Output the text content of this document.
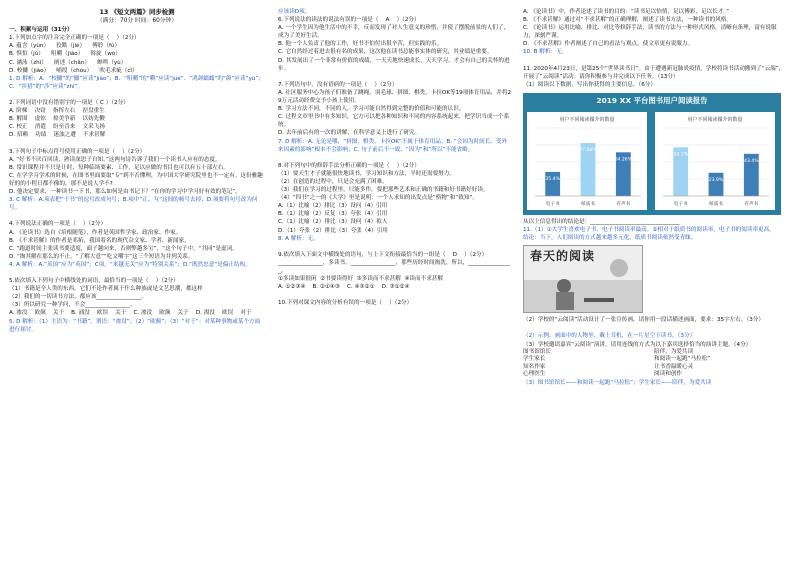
13 《短文两篇》同步检测
（满分：70分 时间：60分钟）
一、积累与运用（31分）
1.下列加点字的注音完全正确的一项是（    ）（2分）
A. 蕴含（yùn）    狡黠（jié）    傅聆（fù）
B. 惧怕（jù）    咀嚼（jiáo）    斡旋（wò）
C. 涵泳（zhī）    阐述（chǎn）    蝉鸣（yù）
D. 校雠（jiào）    哺绶（chóu）    吹毛求疵（cī）
1. D 解析：A．“校雠”的“雠”应读“jiào”；B．“咀嚼”的“嚼”应读“jué”．“鸿颌蠕蠕”的“颌”应读“yù”；C．“涉猎”的“涉”应读“zhì”。

2.下列词语中没有错别字的一项是（ C ）（2分）
A. 阶梯    决窃    指挥左右    涅盘重生
B. 解围    虚惊    掠美争新    以妨先鞭
C. 校正    消遣    纷至沓来    文采飞扬
D. 招赖    功绩    迷浊之遭    不求甚解

3.下列句子中标点符号使用正确的一项是（    ）（2分）
A. “好书不厌百回读，熟读深思子自知。”这两句诗告诉了我们一个读书人应有的态度。
B. 常识课程并不只是计时，每种临场要素、工作，足以应做的书目也可以有五十部左右。
C. 在学学习学术的时候，在图书里面要取“专”到不否懂理，为中国大学研究院里也不一定有。这份雅趣好的的小程日都不像的，那不是说人学不?
D. 他决定要求，一种读书一下书，那么如何是由书记下？“在你的学习中学习好有效的笔记”。
3. C 解析：A.项表把“于书”的逗号改成句号；B.项中“正、互”这间的顿号去掉；D.项要将句号改为问号。

4.下列说法正确的一项是（    ）（2分）
A. 《论读书》选自《培根随笔》，作者是英国哲学家、政治家、作家。
B. 《不求甚解》的作者是邓拓，我国着名的现代杂文家、学者、新闻家。
C. “跑道时间主张读书要适度，面子越向来，否则弊越多宝”，“这个句子中，“共同”是虚词。
D. “掏其解在那么的不止，“了解大意”“吃文嚼字”这三个短语为并列关系。
4. A 解析：A.“英国”应为“英国”；C项，“米越无关”应为“特别关系”；D.“既然忠意”是偏正结构。

5.依次填入下列句子中横线处的词语，最恰当的一项是（    ）（2分）
（1）书籍是全人类的东西，它们不论作者属于什么种族或是文艺思潮，都这样
（2）我们的一切读书方法，都应该________________。
（3）所以研究一种学问，不会________________。
A. 渗没    欧颠    关于    B. 涌没    欧误    关于    C. 渗没    欧颠    关于    D. 渴没    欧误    对于
5. D 解析：（1）主语为：“书籍”，谓语：“渗没”；（2）“欧颠”；（3）“对于”：对某种事物或某个方面进行探讨。
应该读D项。
6.下列说法的读法的说法有误的一项是（    A    ）（2分）
A. 一个学生因为他生活中的不幸，反而发现了对人生意义的珍惜，并使了摆脱前景的人们了，成为了美好生活。
B. 他一个人负责了他的工作，好书不怕付出很辛苦，但实践的乐。
C. 它自然经过着进去很有名的成果，这次他在读书总能事实体的研究，其业绩是重要。
D. 其发展出了一个非常有价值的成绩，一天天地快速成长，天天学习，才会有自己的关怀的进步。

7.下列语句中，没有语病的一项是（    ）（2分）
A. 社区服务中心为孩子们准备了跳绳、羽毛球、拼图、棋类、卡拉OK等19项体育用品，并将29万元活动经费交予小孩上使用。
B. 学习方法不同，不同的人，学习可能自然得到完整的价值和可能的认识。
C. 过程文章里书中有多知识，它方可以把各种知识和不同的内容系统起来，把学识当成一个系统。
D. 去年前后有的一次的讲解，在科学意义上进行了研究。
7. D 解析：A. 无论是哪，“拼图、棋类、卡拉OK”不属于体育用品；B. “会因为时间长、受外来因素的影响”根本不会影响；C. 句子前后不一致，“因为”和“所以”不能省略。

8.对下列句中的修辞手法分析正确的一项是（    ）（2分）
（1）要天生才子就能很快地读书，学习知识和方法，平时还需要努力。
（2）在创造的过程中，只是会充满了困难。
（3）我们在学习的过程里，只能多作，要把那些艺术和正确的书籍和好书籍好好读。
（4）“四书”之一的《大学》里是说明：一个人求知的出发点是“格物”和“致知”。
A.（1）比喻（2）排比（3）设问（4）引用
B.（1）比喻（2）反复（3）夸张（4）引用
C.（1）比喻（2）排比（3）设问（4）拟人
D.（1）夸张（2）排比（3）夸张（4）引用
8. A 解析：无。

9.依次填入下面文中横线处的语句，与上下文衔接最恰当的一组是（    D    ）（2分）
________________，多读书。________________，那些历经时间淘洗，所以，________________。
①多读如果很闲  ②书要读得好  ③多读而不求甚解  ④读而不求甚解
A. ①②③④    B. ②①④③    C. ④③②①    D. ③①②④

10.下列对课文内容的分析有误的一项是（    ）（2分）
A. 《论读书》中，作者论述了读书的目的：“读书足以怡情，足以傅彩，足以长才。”
B. 《不求甚解》通过对“不求甚解”的正确理解，阐述了读书方法，一种读书的风格。
C. 《论读书》运用比喻、排比、对比等修辞手法，读书的方法与一种形式风格，清晰有条理，富有说服力，深刻严谨。
D. 《不求甚解》作者阐述了自己的看法与观点，使文章更有说服力。
10. B 解析：无。

11. 2020年4月23日，是第25个“世界读书日”。由于遭遇新冠肺炎疫情，学校将读书活动搬到了“云端”，开展了“云阅读”活动。请你积极参与并完成以下任务。（13分）
（1）阅读以下数据，写出你获得的主要信息。（6分）
2019 XX 平台图书用户阅读报告
用户不同阅读媒介的数量
35.4%
电子书
77.88%
纸质书
64.26%
有声书
用户不同阅读媒介的数量
50.1%
电子书
23.9%
纸质书
43.4%
有声书
从以上信息得出的结论是：________________________________
11.（1）①大学生喜欢电子书、电子书阅读率最高。②相对于纸质书的阅读率，电子书的阅读率更高。
结论：当下，人们阅读的方式越来越多元化，纸质书阅读依然受青睐。
春天的阅读
（2）学校的“云阅读”活动设计了一张宣传画，请你用一段话描述画面，要求：35字左右。（3分）

（2）示例：画面中的人物坐、戴上耳机，在一片星空下读书。（3分）
（3）学校邀请嘉宾“云阅读”演讲，请用连线的方式为以下嘉宾选择恰当的演讲主题。（4分）
图书馆馆长
学生家长
知名作家
心理医生
陪伴，为爱共读
和阅读一起跑“马拉松”
让书香温暖心灵
阅读和创作
（3）图书馆馆长——和阅读一起跑“马拉松”；学生家长——陪伴，为爱共读
